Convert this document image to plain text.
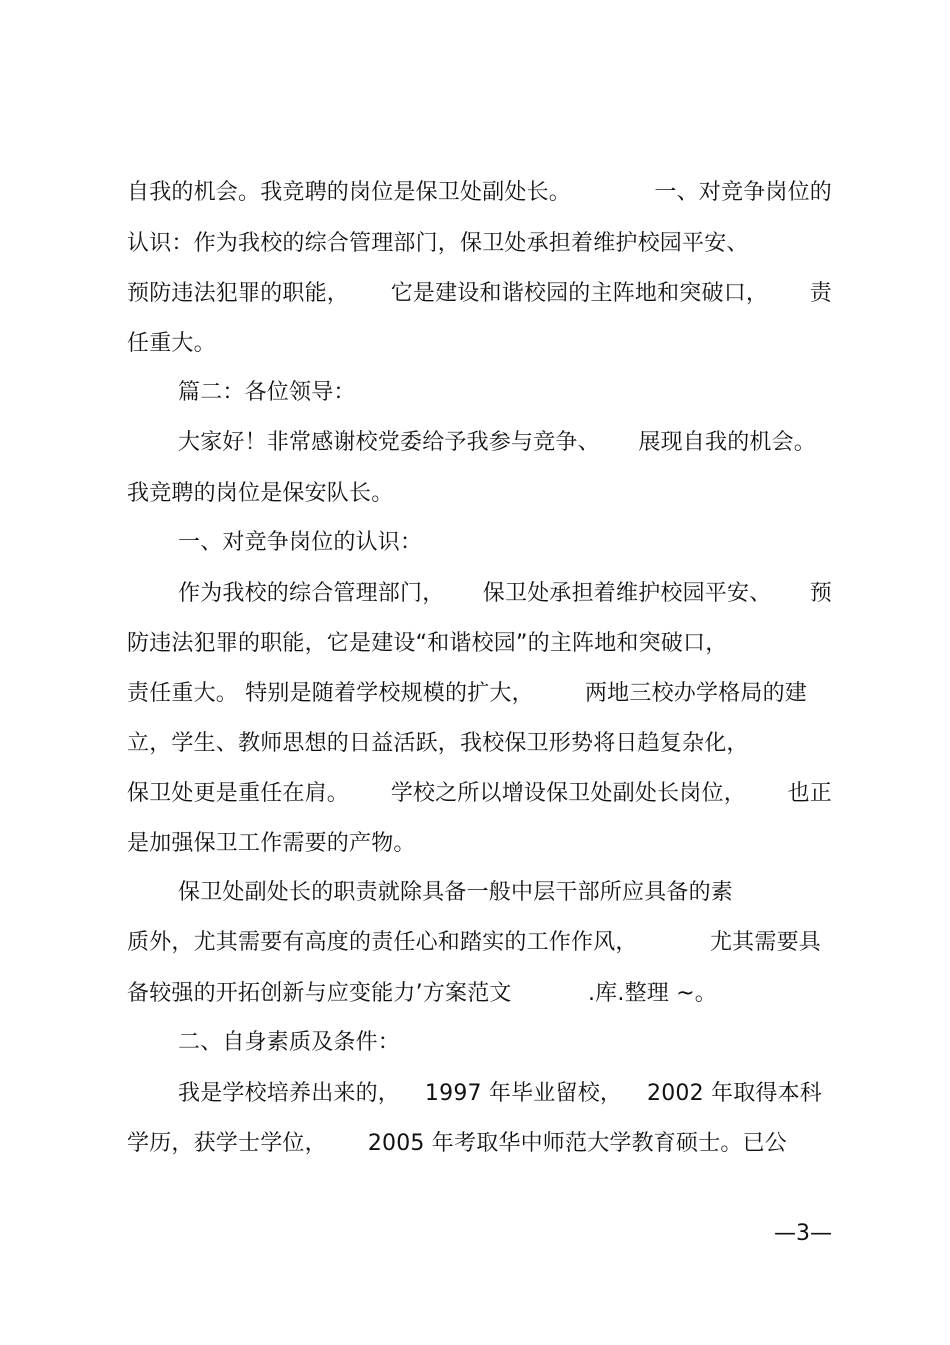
自我的机会。我竞聘的岗位是保卫处副处长。	一、对竞争岗位的
认识：作为我校的综合管理部门，保卫处承担着维护校园平安、
预防违法犯罪的职能， 它是建设和谐校园的主阵地和突破口， 责
任重大。
篇二：各位领导：
大家好！非常感谢校党委给予我参与竞争、 展现自我的机会。
我竞聘的岗位是保安队长。
一、对竞争岗位的认识：
作为我校的综合管理部门， 保卫处承担着维护校园平安、 预
防违法犯罪的职能，它是建设“和谐校园”的主阵地和突破口，
责任重大。 特别是随着学校规模的扩大， 两地三校办学格局的建
立，学生、教师思想的日益活跃，我校保卫形势将日趋复杂化，
保卫处更是重任在肩。 学校之所以增设保卫处副处长岗位， 也正
是加强保卫工作需要的产物。
保卫处副处长的职责就除具备一般中层干部所应具备的素
质外，尤其需要有高度的责任心和踏实的工作作风，	尤其需要具
备较强的开拓创新与应变能力’方案范文	.库.整理 ~。
二、自身素质及条件：
我是学校培养出来的， 1997 年毕业留校， 2002 年取得本科
学历，获学士学位， 2005 年考取华中师范大学教育硕士。已公
—3—
